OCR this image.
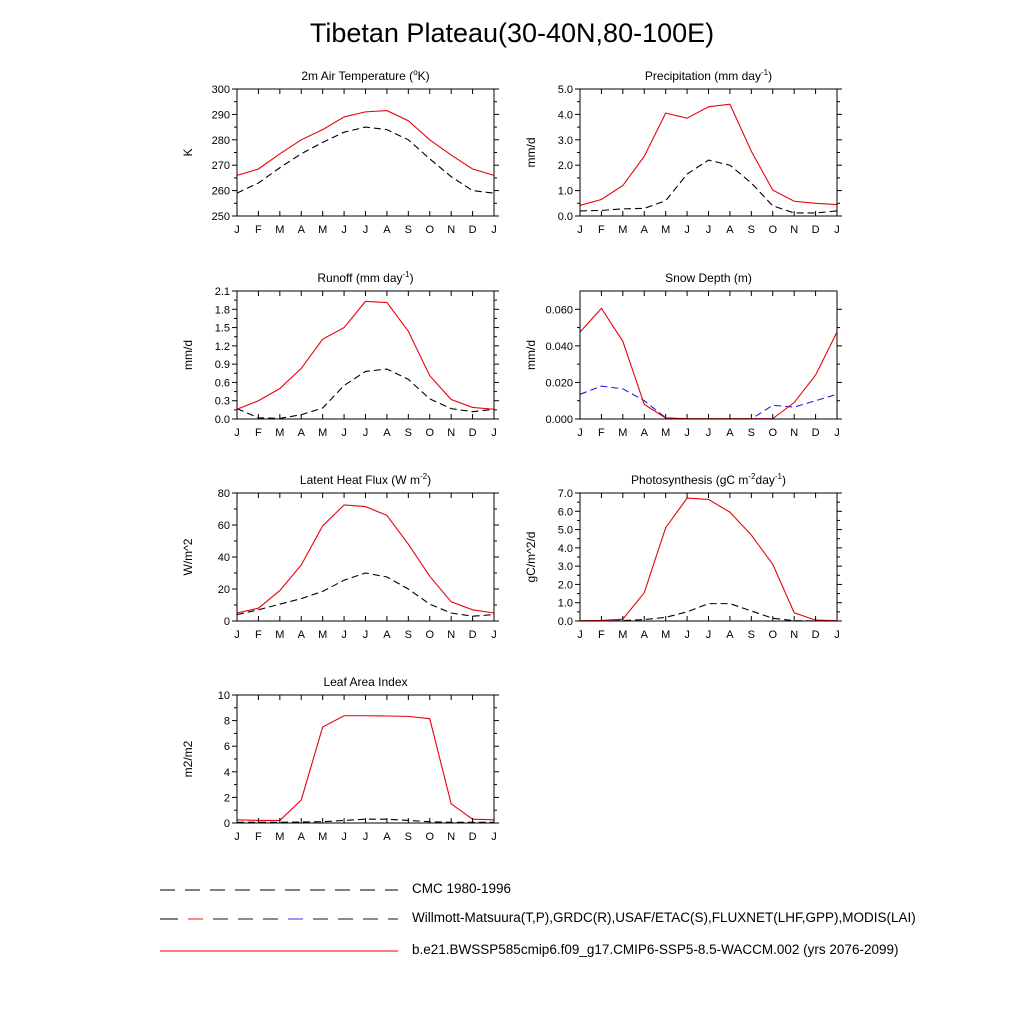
Tibetan Plateau(30-40N,80-100E)
J F M A M J J A S O N D J
250
260
270
280
290
300
K
2m Air Temperature ($^o$K)
J F M A M J J A S O N D J
0.0
1.0
2.0
3.0
4.0
5.0
mm/d
Precipitation (mm day$^{-1}$)
J F M A M J J A S O N D J
0.0
0.3
0.6
0.9
1.2
1.5
1.8
2.1
mm/d
Runoff (mm day$^{-1}$)
J F M A M J J A S O N D J
0.000
0.020
0.040
0.060
mm/d
Snow Depth (m)
J F M A M J J A S O N D J
0
20
40
60
80
W/m^2
Latent Heat Flux (W $m^{-2}$)
J F M A M J J A S O N D J
0.0
1.0
2.0
3.0
4.0
5.0
6.0
7.0
gC/m^2/d
Photosynthesis (gC $m^{-2}day^{-1}$)
J F M A M J J A S O N D J
0
2
4
6
8
10
m2/m2
Leaf Area Index
CMC 1980-1996
Willmott-Matsuura(T,P),GRDC(R),USAF/ETAC(S),FLUXNET(LHF,GPP),MODIS(LAI)
b.e21.BWSSP585cmip6.f09_g17.CMIP6-SSP5-8.5-WACCM.002 (yrs 2076-2099)
